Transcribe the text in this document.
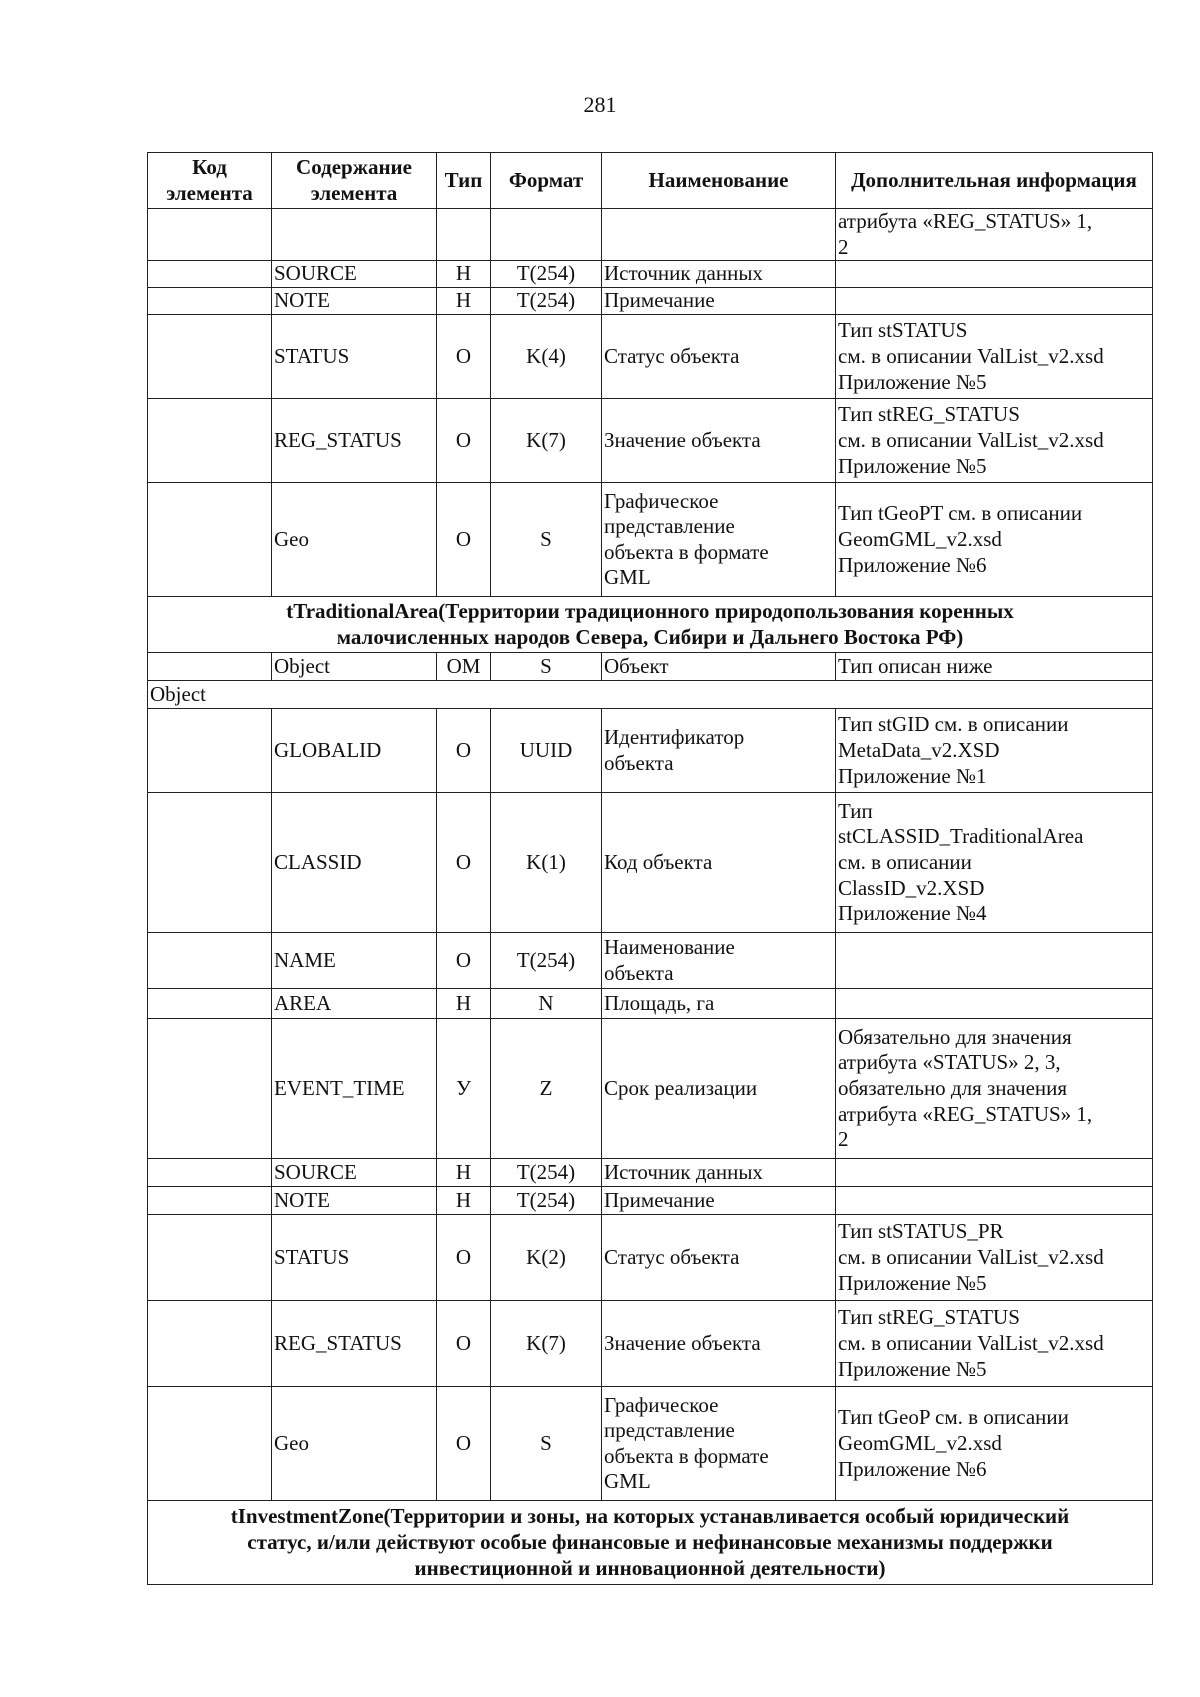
281
Код элемента	Содержание элемента	Тип	Формат	Наименование	Дополнительная информация

					атрибута «REG_STATUS» 1,
2

	SOURCE	Н	T(254)	Источник данных	

	NOTE	Н	T(254)	Примечание	

	STATUS	О	K(4)	Статус объекта	Тип stSTATUS
см. в описании ValList_v2.xsd
Приложение №5

	REG_STATUS	О	K(7)	Значение объекта	Тип stREG_STATUS
см. в описании ValList_v2.xsd
Приложение №5

	Geo	О	S	Графическое
представление
объекта в формате
GML	Тип tGeoPT см. в описании
GeomGML_v2.xsd
Приложение №6

tTraditionalArea(Территории традиционного природопользования коренных
малочисленных народов Севера, Сибири и Дальнего Востока РФ)					

	Object	ОМ	S	Объект	Тип описан ниже

Object					
	GLOBALID	О	UUID	Идентификатор
объекта	Тип stGID см. в описании
MetaData_v2.XSD
Приложение №1

	CLASSID	О	K(1)	Код объекта	Тип
stCLASSID_TraditionalArea
см. в описании
ClassID_v2.XSD
Приложение №4

	NAME	О	T(254)	Наименование
объекта	

	AREA	Н	N	Площадь, га	

	EVENT_TIME	У	Z	Срок реализации	Обязательно для значения
атрибута «STATUS» 2, 3,
обязательно для значения
атрибута «REG_STATUS» 1,
2

	SOURCE	Н	T(254)	Источник данных	

	NOTE	Н	T(254)	Примечание	

	STATUS	О	K(2)	Статус объекта	Тип stSTATUS_PR
см. в описании ValList_v2.xsd
Приложение №5

	REG_STATUS	О	K(7)	Значение объекта	Тип stREG_STATUS
см. в описании ValList_v2.xsd
Приложение №5

	Geo	О	S	Графическое
представление
объекта в формате
GML	Тип tGeoP см. в описании
GeomGML_v2.xsd
Приложение №6

tInvestmentZone(Территории и зоны, на которых устанавливается особый юридический
статус, и/или действуют особые финансовые и нефинансовые механизмы поддержки
инвестиционной и инновационной деятельности)					
